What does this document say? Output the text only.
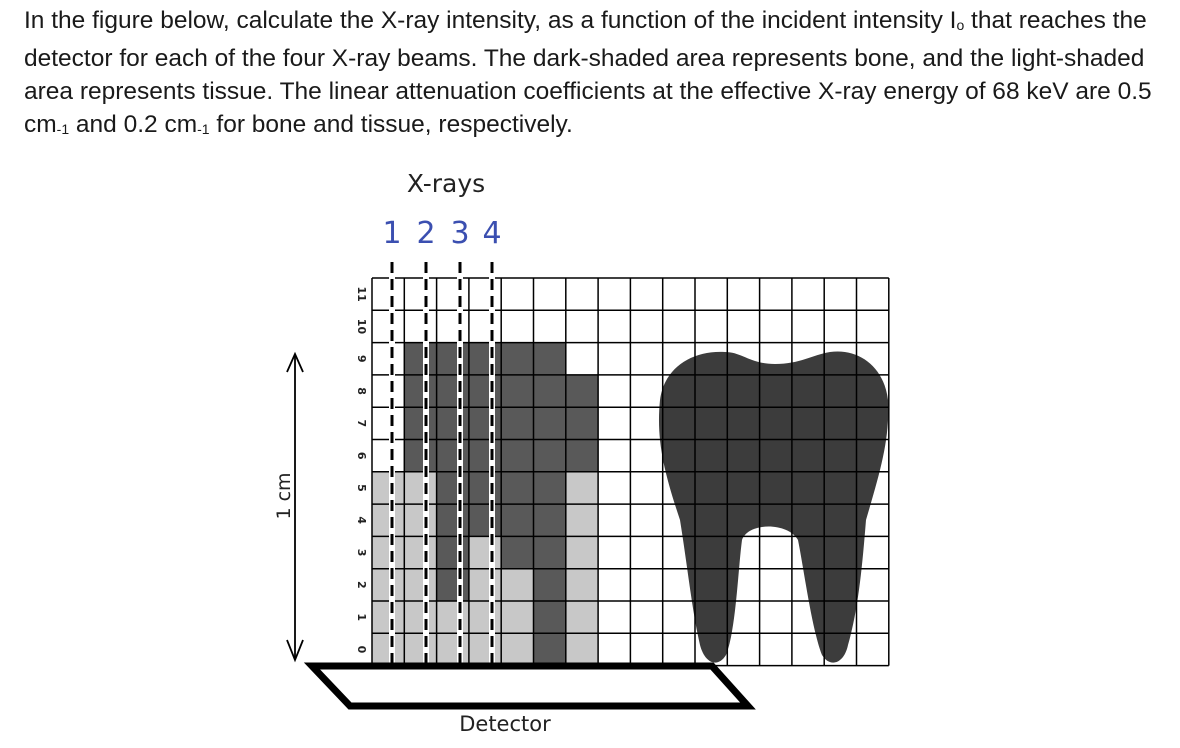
In the figure below, calculate the X-ray intensity, as a function of the incident intensity $I_o$ that reaches the detector for each of the four X-ray beams. The dark-shaded area represents bone, and the light-shaded area represents tissue. The linear attenuation coefficients at the effective X-ray energy of 68 keV are 0.5 $cm_{-1}$ and 0.2 $cm_{-1}$ for bone and tissue, respectively.

X-rays
1 2 3 4
0
1
2
3
4
5
6
7
8
9
10
11
1 cm
Detector
